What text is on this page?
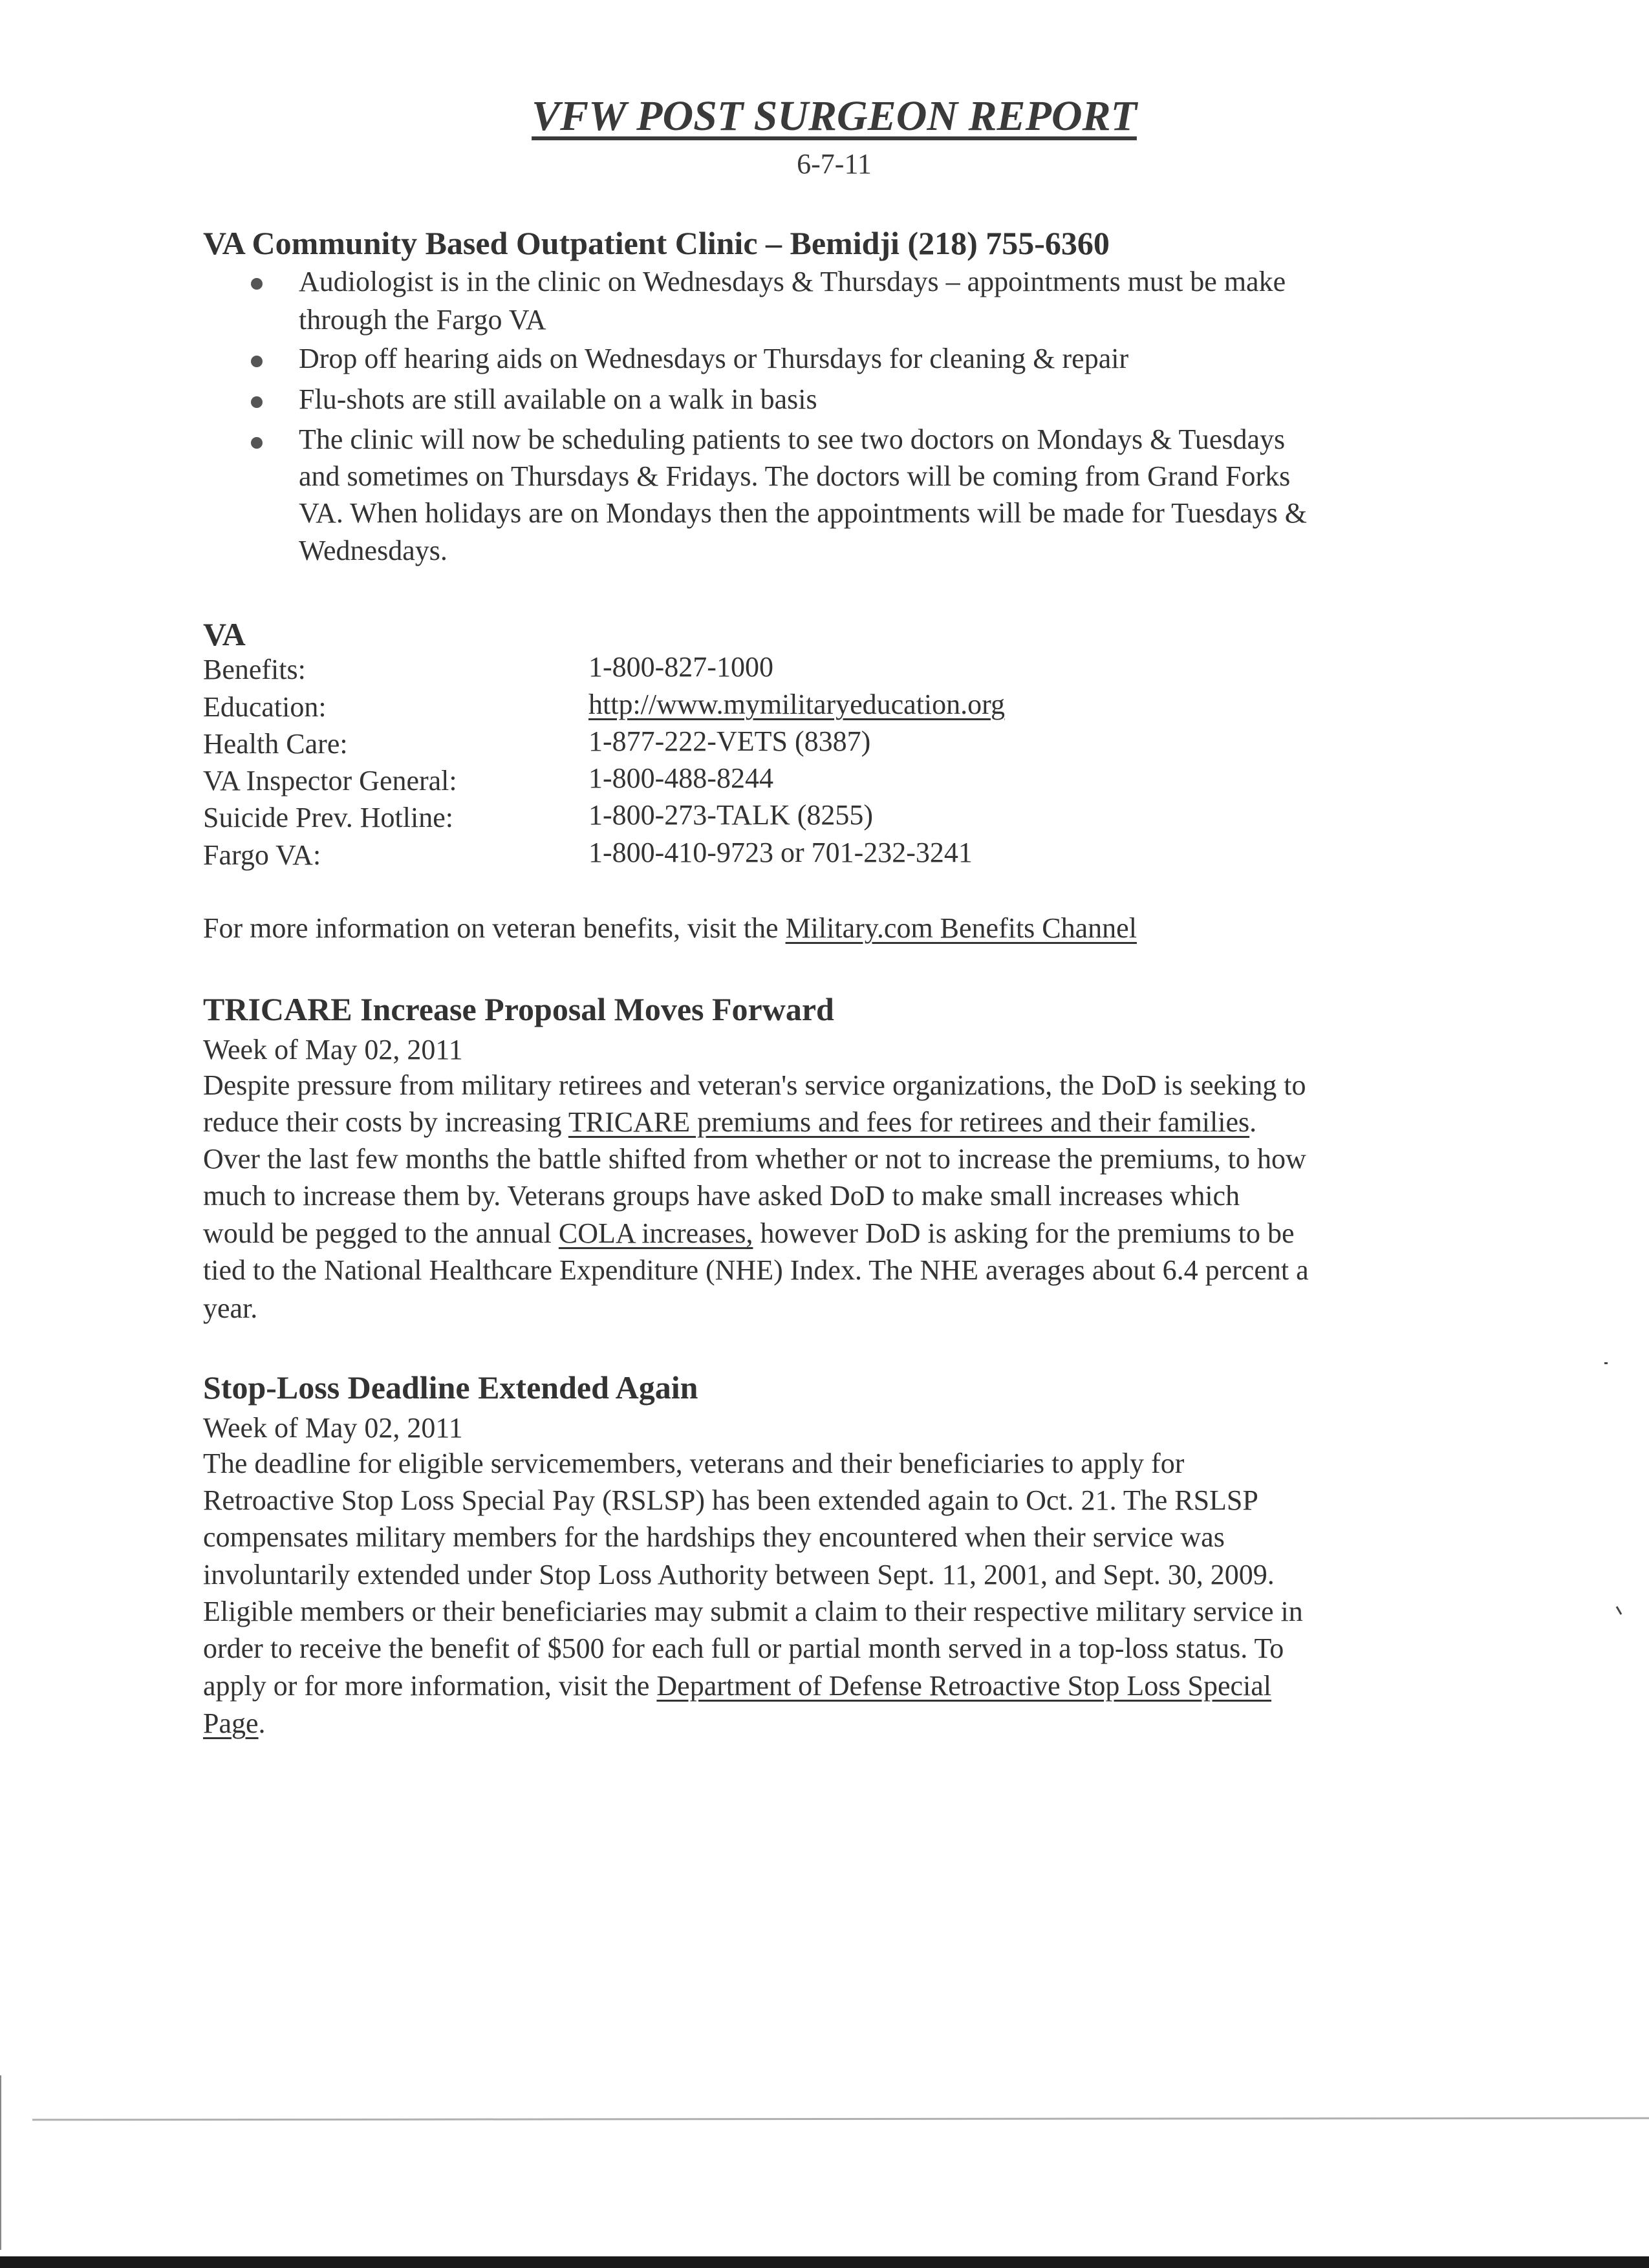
VFW POST SURGEON REPORT
6-7-11
VA Community Based Outpatient Clinic – Bemidji (218) 755-6360
Audiologist is in the clinic on Wednesdays & Thursdays – appointments must be make
through the Fargo VA
Drop off hearing aids on Wednesdays or Thursdays for cleaning & repair
Flu-shots are still available on a walk in basis
The clinic will now be scheduling patients to see two doctors on Mondays & Tuesdays
and sometimes on Thursdays & Fridays. The doctors will be coming from Grand Forks
VA. When holidays are on Mondays then the appointments will be made for Tuesdays &
Wednesdays.
VA
Benefits:	1-800-827-1000
Education:	http://www.mymilitaryeducation.org
Health Care:	1-877-222-VETS (8387)
VA Inspector General:	1-800-488-8244
Suicide Prev. Hotline:	1-800-273-TALK (8255)
Fargo VA:	1-800-410-9723 or 701-232-3241
For more information on veteran benefits, visit the Military.com Benefits Channel
TRICARE Increase Proposal Moves Forward
Week of May 02, 2011
Despite pressure from military retirees and veteran's service organizations, the DoD is seeking to
reduce their costs by increasing TRICARE premiums and fees for retirees and their families.
Over the last few months the battle shifted from whether or not to increase the premiums, to how
much to increase them by. Veterans groups have asked DoD to make small increases which
would be pegged to the annual COLA increases, however DoD is asking for the premiums to be
tied to the National Healthcare Expenditure (NHE) Index. The NHE averages about 6.4 percent a
year.
Stop-Loss Deadline Extended Again
Week of May 02, 2011
The deadline for eligible servicemembers, veterans and their beneficiaries to apply for
Retroactive Stop Loss Special Pay (RSLSP) has been extended again to Oct. 21. The RSLSP
compensates military members for the hardships they encountered when their service was
involuntarily extended under Stop Loss Authority between Sept. 11, 2001, and Sept. 30, 2009.
Eligible members or their beneficiaries may submit a claim to their respective military service in
order to receive the benefit of $500 for each full or partial month served in a top-loss status. To
apply or for more information, visit the Department of Defense Retroactive Stop Loss Special
Page.
